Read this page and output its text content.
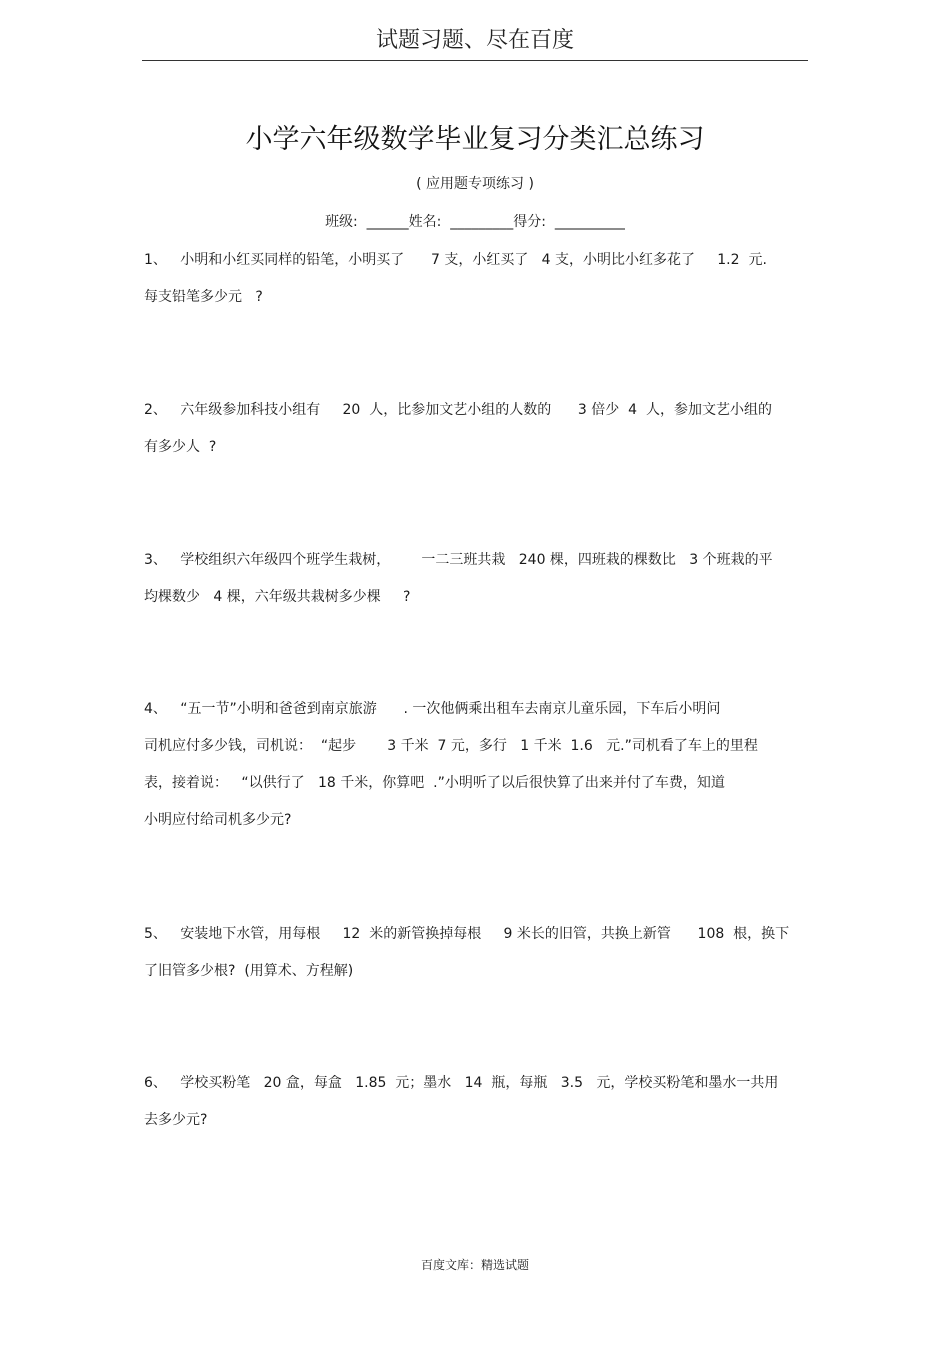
试题习题、尽在百度
小学六年级数学毕业复习分类汇总练习
( 应用题专项练习 )
班级:  ______姓名:  _________得分:  __________
1、   小明和小红买同样的铅笔，小明买了      7 支，小红买了   4 支，小明比小红多花了     1.2  元.
每支铅笔多少元   ?
2、   六年级参加科技小组有     20  人，比参加文艺小组的人数的      3 倍少  4  人，参加文艺小组的
有多少人  ?
3、   学校组织六年级四个班学生栽树，       一二三班共栽   240 棵，四班栽的棵数比   3 个班栽的平
均棵数少   4 棵，六年级共栽树多少棵     ?
4、   “五一节”小明和爸爸到南京旅游      . 一次他俩乘出租车去南京儿童乐园，下车后小明问
司机应付多少钱，司机说：  “起步       3 千米  7 元，多行   1 千米  1.6   元.”司机看了车上的里程
表，接着说：   “以供行了   18 千米，你算吧  .”小明听了以后很快算了出来并付了车费，知道
小明应付给司机多少元?
5、   安装地下水管，用每根     12  米的新管换掉每根     9 米长的旧管，共换上新管      108  根，换下
了旧管多少根?  (用算术、方程解)
6、   学校买粉笔   20 盒，每盒   1.85  元；墨水   14  瓶，每瓶   3.5   元，学校买粉笔和墨水一共用
去多少元?
百度文库：精选试题
